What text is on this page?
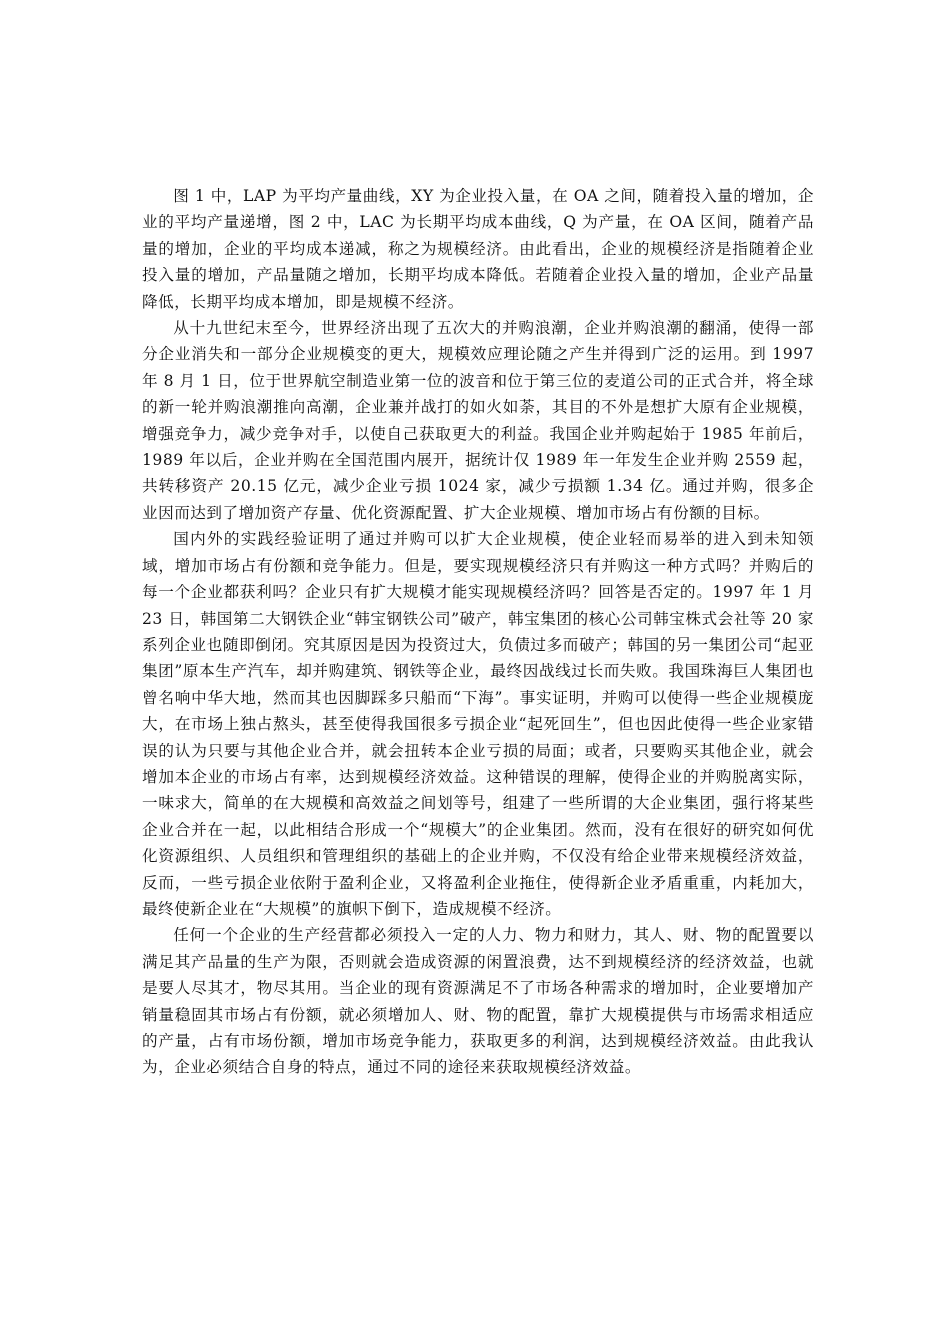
图 1 中，LAP 为平均产量曲线，XY 为企业投入量，在 OA 之间，随着投入量的增加，企业的平均产量递增，图 2 中，LAC 为长期平均成本曲线，Q 为产量，在 OA 区间，随着产品量的增加，企业的平均成本递减，称之为规模经济。由此看出，企业的规模经济是指随着企业投入量的增加，产品量随之增加，长期平均成本降低。若随着企业投入量的增加，企业产品量降低，长期平均成本增加，即是规模不经济。

从十九世纪末至今，世界经济出现了五次大的并购浪潮，企业并购浪潮的翻涌，使得一部分企业消失和一部分企业规模变的更大，规模效应理论随之产生并得到广泛的运用。到 1997 年 8 月 1 日，位于世界航空制造业第一位的波音和位于第三位的麦道公司的正式合并，将全球的新一轮并购浪潮推向高潮，企业兼并战打的如火如荼，其目的不外是想扩大原有企业规模，增强竞争力，减少竞争对手，以使自己获取更大的利益。我国企业并购起始于 1985 年前后，1989 年以后，企业并购在全国范围内展开，据统计仅 1989 年一年发生企业并购 2559 起，共转移资产 20.15 亿元，减少企业亏损 1024 家，减少亏损额 1.34 亿。通过并购，很多企业因而达到了增加资产存量、优化资源配置、扩大企业规模、增加市场占有份额的目标。

国内外的实践经验证明了通过并购可以扩大企业规模，使企业轻而易举的进入到未知领域，增加市场占有份额和竞争能力。但是，要实现规模经济只有并购这一种方式吗？并购后的每一个企业都获利吗？企业只有扩大规模才能实现规模经济吗？回答是否定的。1997 年 1 月 23 日，韩国第二大钢铁企业“韩宝钢铁公司”破产，韩宝集团的核心公司韩宝株式会社等 20 家系列企业也随即倒闭。究其原因是因为投资过大，负债过多而破产；韩国的另一集团公司“起亚集团”原本生产汽车，却并购建筑、钢铁等企业，最终因战线过长而失败。我国珠海巨人集团也曾名响中华大地，然而其也因脚踩多只船而“下海”。事实证明，并购可以使得一些企业规模庞大，在市场上独占熬头，甚至使得我国很多亏损企业“起死回生”，但也因此使得一些企业家错误的认为只要与其他企业合并，就会扭转本企业亏损的局面；或者，只要购买其他企业，就会增加本企业的市场占有率，达到规模经济效益。这种错误的理解，使得企业的并购脱离实际，一味求大，简单的在大规模和高效益之间划等号，组建了一些所谓的大企业集团，强行将某些企业合并在一起，以此相结合形成一个“规模大”的企业集团。然而，没有在很好的研究如何优化资源组织、人员组织和管理组织的基础上的企业并购，不仅没有给企业带来规模经济效益，反而，一些亏损企业依附于盈利企业，又将盈利企业拖住，使得新企业矛盾重重，内耗加大，最终使新企业在“大规模”的旗帜下倒下，造成规模不经济。

任何一个企业的生产经营都必须投入一定的人力、物力和财力，其人、财、物的配置要以满足其产品量的生产为限，否则就会造成资源的闲置浪费，达不到规模经济的经济效益，也就是要人尽其才，物尽其用。当企业的现有资源满足不了市场各种需求的增加时，企业要增加产销量稳固其市场占有份额，就必须增加人、财、物的配置，靠扩大规模提供与市场需求相适应的产量，占有市场份额，增加市场竞争能力，获取更多的利润，达到规模经济效益。由此我认为，企业必须结合自身的特点，通过不同的途径来获取规模经济效益。
